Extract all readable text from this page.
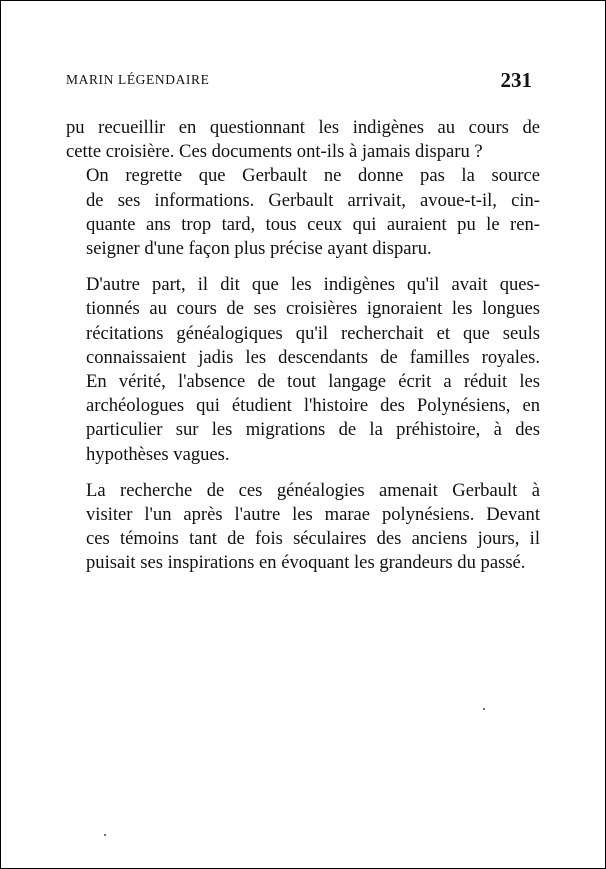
MARIN LÉGENDAIRE	231

pu recueillir en questionnant les indigènes au cours de
cette croisière. Ces documents ont-ils à jamais disparu ?

On regrette que Gerbault ne donne pas la source
de ses informations. Gerbault arrivait, avoue-t-il, cin-
quante ans trop tard, tous ceux qui auraient pu le ren-
seigner d'une façon plus précise ayant disparu.

D'autre part, il dit que les indigènes qu'il avait ques-
tionnés au cours de ses croisières ignoraient les longues
récitations généalogiques qu'il recherchait et que seuls
connaissaient jadis les descendants de familles royales.
En vérité, l'absence de tout langage écrit a réduit les
archéologues qui étudient l'histoire des Polynésiens, en
particulier sur les migrations de la préhistoire, à des
hypothèses vagues.

La recherche de ces généalogies amenait Gerbault à
visiter l'un après l'autre les marae polynésiens. Devant
ces témoins tant de fois séculaires des anciens jours, il
puisait ses inspirations en évoquant les grandeurs du passé.
